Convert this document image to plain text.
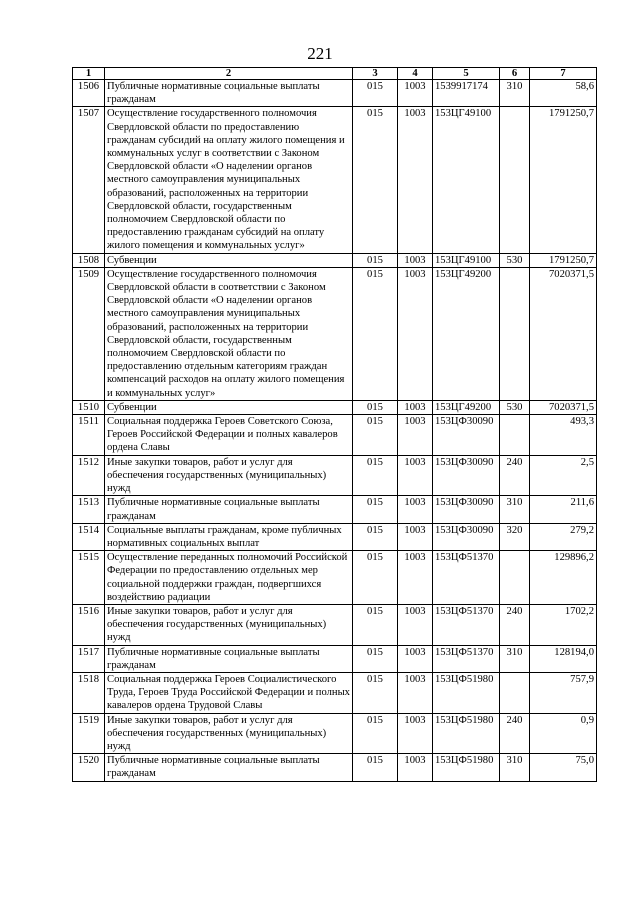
221
1	2	3	4	5	6	7
1506	Публичные нормативные социальные выплаты гражданам	015	1003	1539917174	310	58,6
1507	Осуществление государственного полномочия Свердловской области по предоставлению гражданам субсидий на оплату жилого помещения и коммунальных услуг в соответствии с Законом Свердловской области «О наделении органов местного самоуправления муниципальных образований, расположенных на территории Свердловской области, государственным полномочием Свердловской области по предоставлению гражданам субсидий на оплату жилого помещения и коммунальных услуг»	015	1003	153ЦГ49100		1791250,7
1508	Субвенции	015	1003	153ЦГ49100	530	1791250,7
1509	Осуществление государственного полномочия Свердловской области в соответствии с Законом Свердловской области «О наделении органов местного самоуправления муниципальных образований, расположенных на территории Свердловской области, государственным полномочием Свердловской области по предоставлению отдельным категориям граждан компенсаций расходов на оплату жилого помещения и коммунальных услуг»	015	1003	153ЦГ49200		7020371,5
1510	Субвенции	015	1003	153ЦГ49200	530	7020371,5
1511	Социальная поддержка Героев Советского Союза, Героев Российской Федерации и полных кавалеров ордена Славы	015	1003	153ЦФ30090		493,3
1512	Иные закупки товаров, работ и услуг для обеспечения государственных (муниципальных) нужд	015	1003	153ЦФ30090	240	2,5
1513	Публичные нормативные социальные выплаты гражданам	015	1003	153ЦФ30090	310	211,6
1514	Социальные выплаты гражданам, кроме публичных нормативных социальных выплат	015	1003	153ЦФ30090	320	279,2
1515	Осуществление переданных полномочий Российской Федерации по предоставлению отдельных мер социальной поддержки граждан, подвергшихся воздействию радиации	015	1003	153ЦФ51370		129896,2
1516	Иные закупки товаров, работ и услуг для обеспечения государственных (муниципальных) нужд	015	1003	153ЦФ51370	240	1702,2
1517	Публичные нормативные социальные выплаты гражданам	015	1003	153ЦФ51370	310	128194,0
1518	Социальная поддержка Героев Социалистического Труда, Героев Труда Российской Федерации и полных кавалеров ордена Трудовой Славы	015	1003	153ЦФ51980		757,9
1519	Иные закупки товаров, работ и услуг для обеспечения государственных (муниципальных) нужд	015	1003	153ЦФ51980	240	0,9
1520	Публичные нормативные социальные выплаты гражданам	015	1003	153ЦФ51980	310	75,0
